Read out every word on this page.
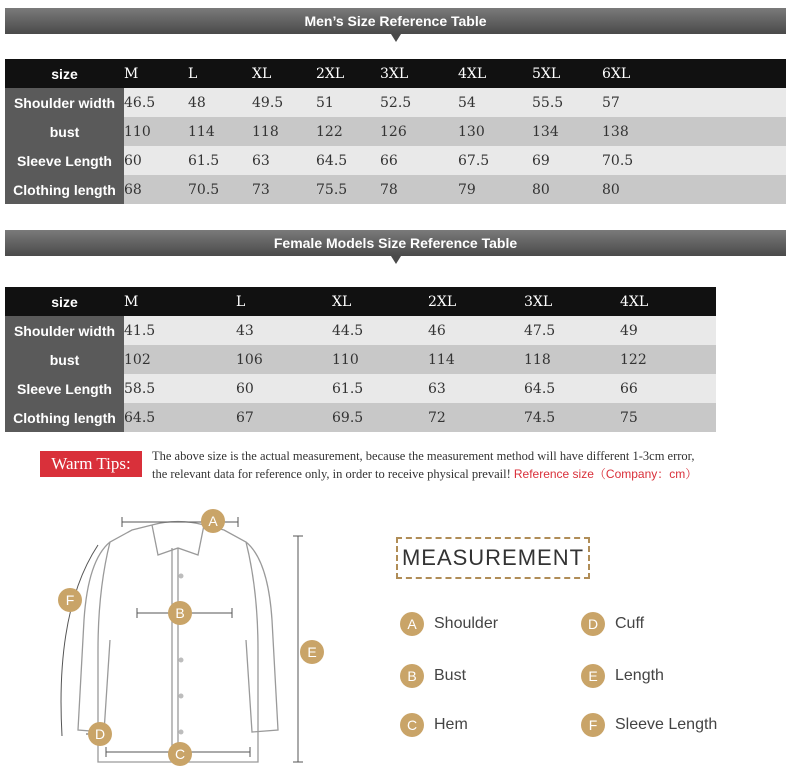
Men’s Size Reference Table
size	M	L	XL	2XL	3XL	4XL	5XL	6XL	
Shoulder width	46.5	48	49.5	51	52.5	54	55.5	57	
bust	110	114	118	122	126	130	134	138	
Sleeve Length	60	61.5	63	64.5	66	67.5	69	70.5	
Clothing length	68	70.5	73	75.5	78	79	80	80	
Female Models Size Reference Table
size	M	L	XL	2XL	3XL	4XL
Shoulder width	41.5	43	44.5	46	47.5	49
bust	102	106	110	114	118	122
Sleeve Length	58.5	60	61.5	63	64.5	66
Clothing length	64.5	67	69.5	72	74.5	75
Warm Tips:	The above size is the actual measurement, because the measurement method will have different 1-3cm error,
the relevant data for reference only, in order to receive physical prevail! Reference size（Company：cm）
A
B
C
D
E
F
MEASUREMENT
A	Shoulder
B	Bust
C	Hem
D	Cuff
E	Length
F	Sleeve Length
